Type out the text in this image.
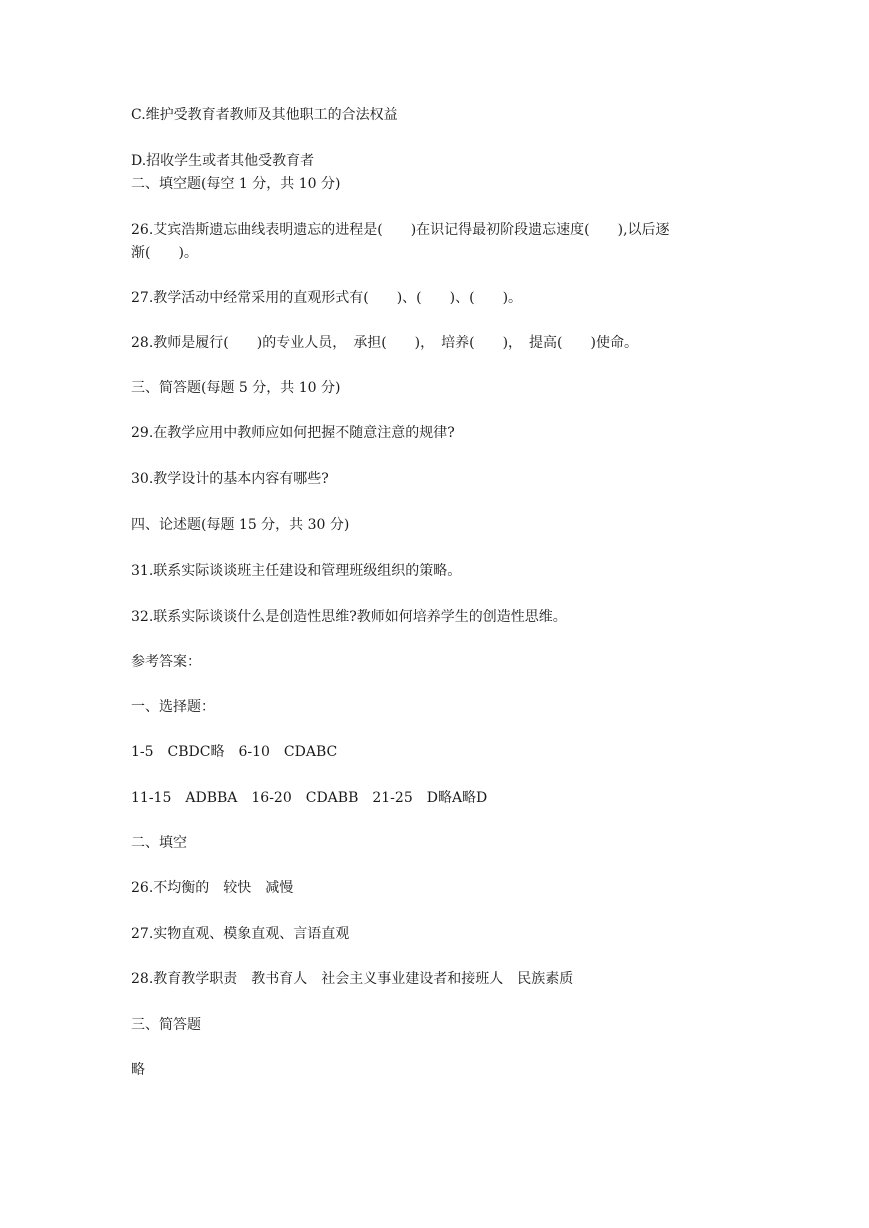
C.维护受教育者教师及其他职工的合法权益
D.招收学生或者其他受教育者
二、填空题(每空 1 分，共 10 分)
26.艾宾浩斯遗忘曲线表明遗忘的进程是(　　)在识记得最初阶段遗忘速度(　　),以后逐
渐(　　)。
27.教学活动中经常采用的直观形式有(　　)、(　　)、(　　)。
28.教师是履行(　　)的专业人员，　承担(　　)，　培养(　　)，　提高(　　)使命。
三、简答题(每题 5 分，共 10 分)
29.在教学应用中教师应如何把握不随意注意的规律?
30.教学设计的基本内容有哪些?
四、论述题(每题 15 分，共 30 分)
31.联系实际谈谈班主任建设和管理班级组织的策略。
32.联系实际谈谈什么是创造性思维?教师如何培养学生的创造性思维。
参考答案：
一、选择题：
1-5　CBDC略　6-10　CDABC
11-15　ADBBA　16-20　CDABB　21-25　D略A略D
二、填空
26.不均衡的　较快　减慢
27.实物直观、模象直观、言语直观
28.教育教学职责　教书育人　社会主义事业建设者和接班人　民族素质
三、简答题
略
